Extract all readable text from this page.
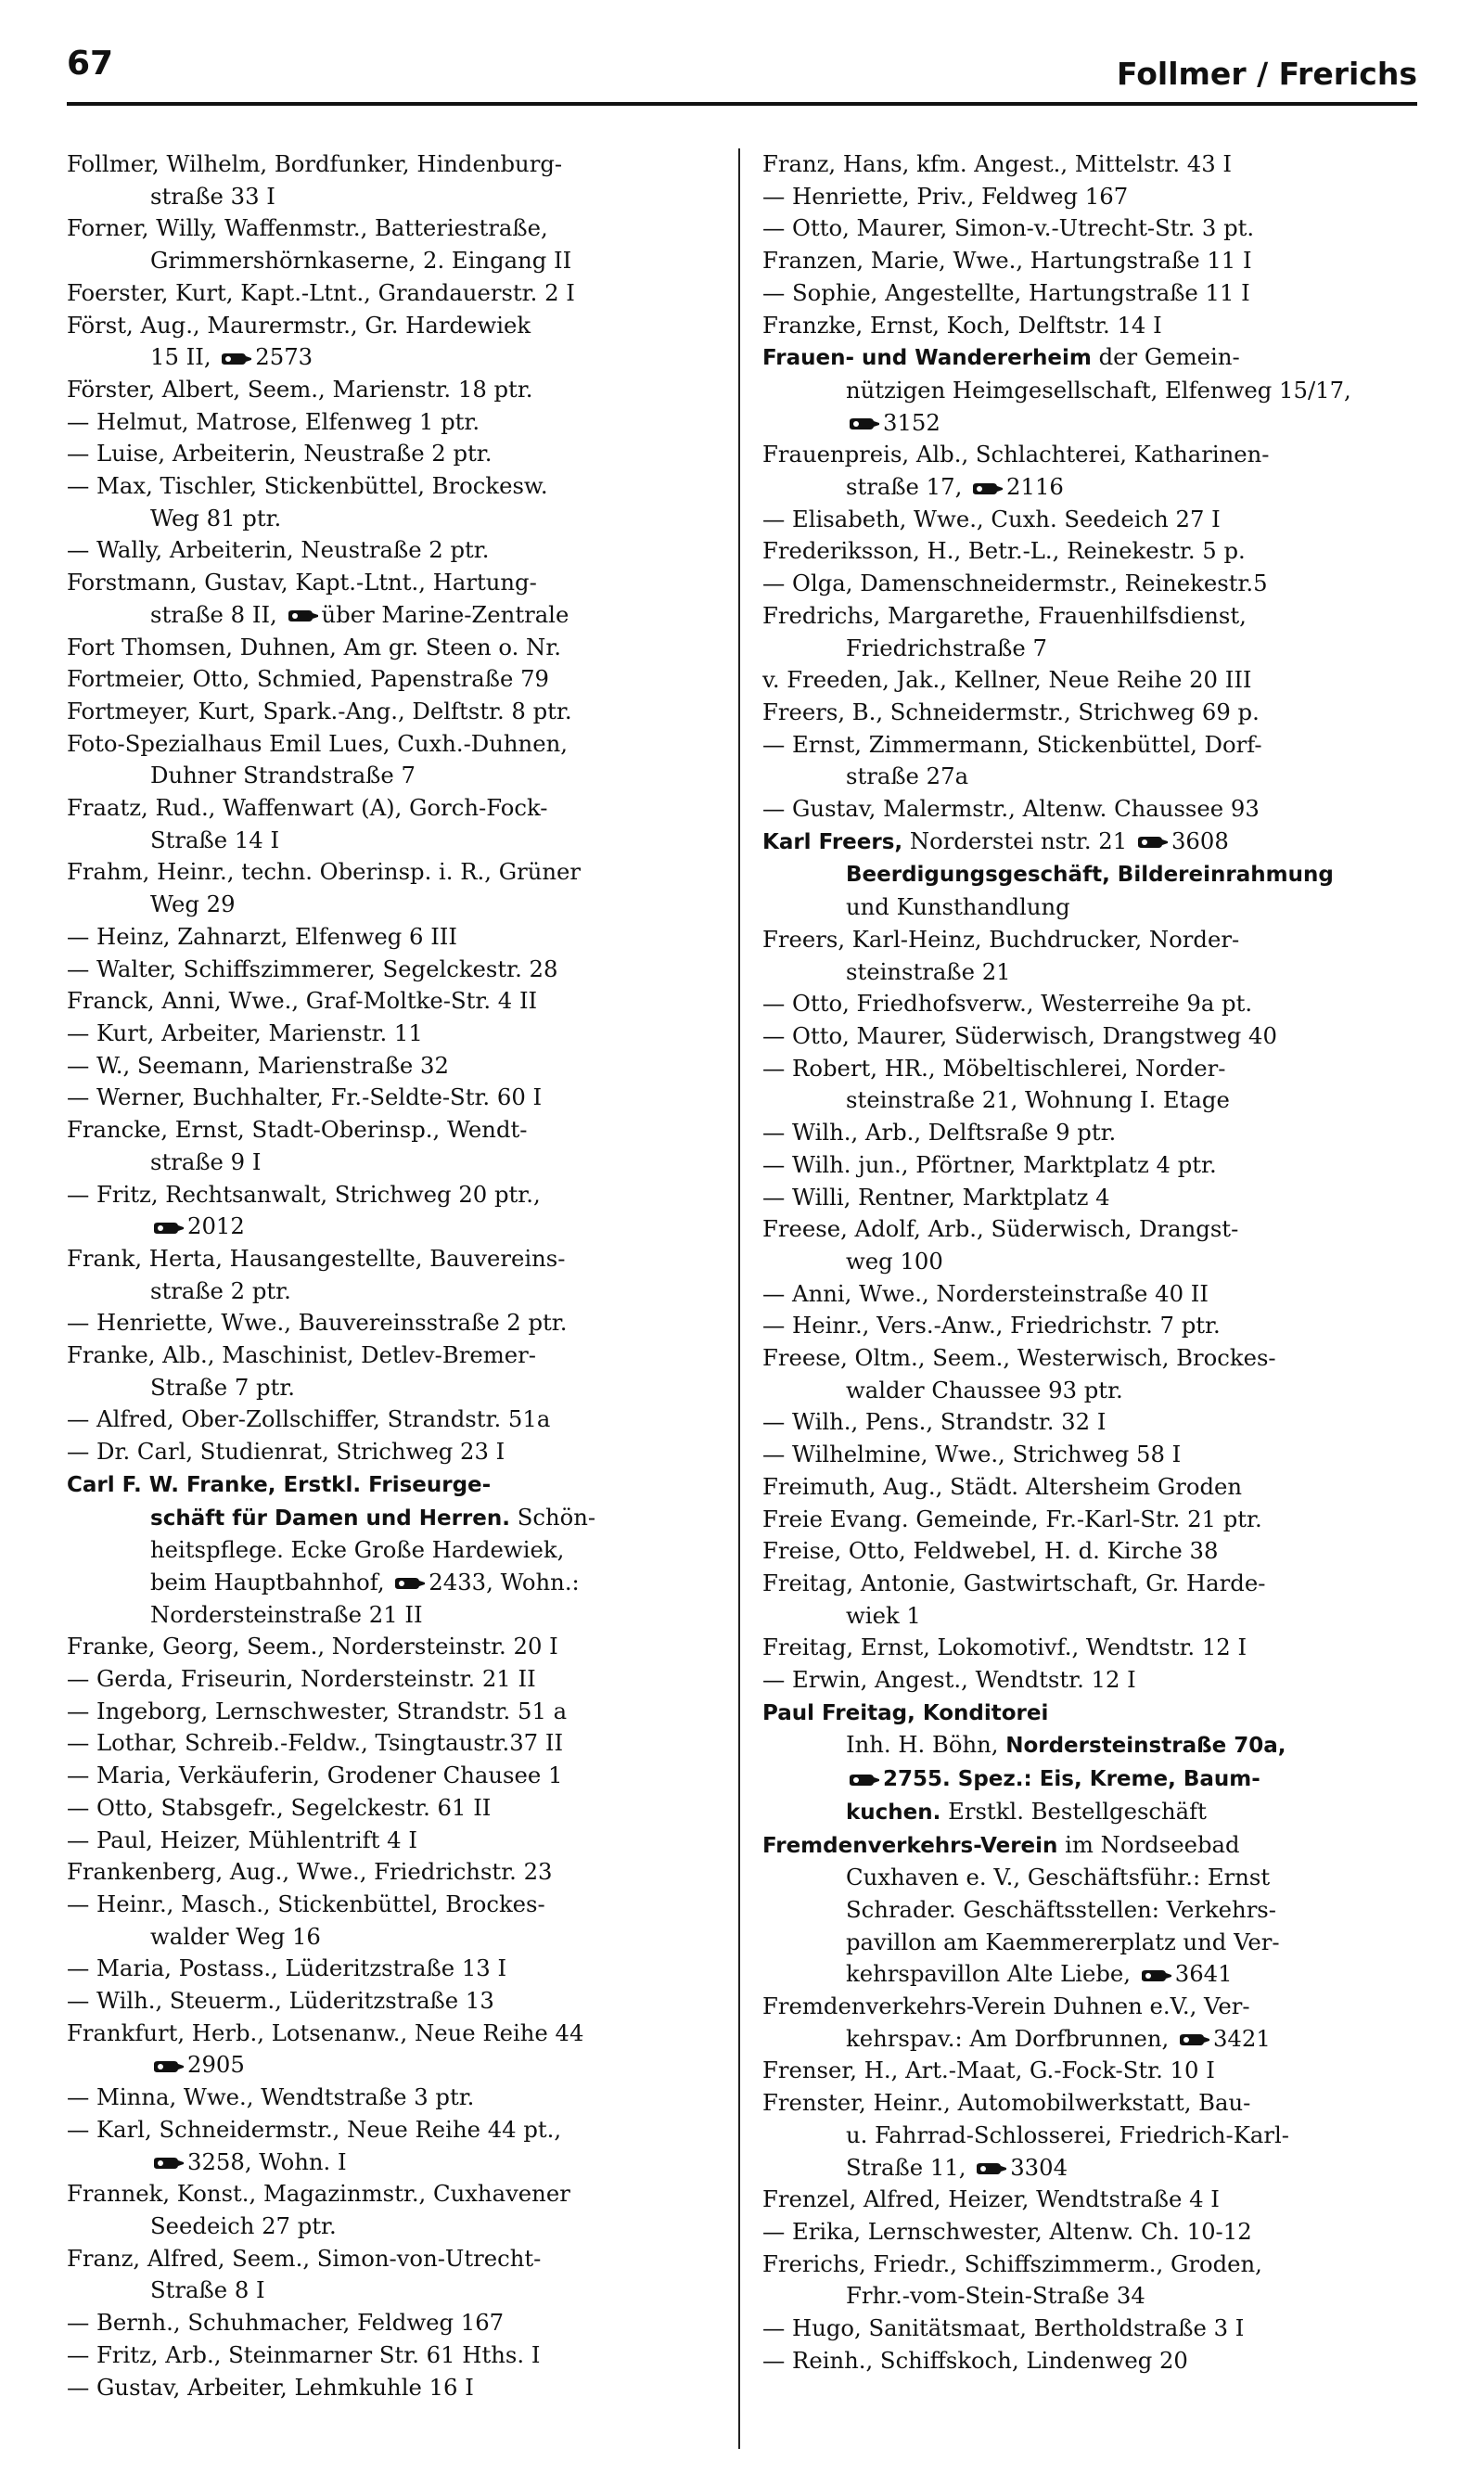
67	Follmer / Frerichs

Follmer, Wilhelm, Bordfunker, Hindenburg-
straße 33 I

Forner, Willy, Waffenmstr., Batteriestraße,
Grimmershörnkaserne, 2. Eingang II

Foerster, Kurt, Kapt.-Ltnt., Grandauerstr. 2 I

Först, Aug., Maurermstr., Gr. Hardewiek
15 II, 2573

Förster, Albert, Seem., Marienstr. 18 ptr.

— Helmut, Matrose, Elfenweg 1 ptr.

— Luise, Arbeiterin, Neustraße 2 ptr.

— Max, Tischler, Stickenbüttel, Brockesw.
Weg 81 ptr.

— Wally, Arbeiterin, Neustraße 2 ptr.

Forstmann, Gustav, Kapt.-Ltnt., Hartung-
straße 8 II, über Marine-Zentrale

Fort Thomsen, Duhnen, Am gr. Steen o. Nr.

Fortmeier, Otto, Schmied, Papenstraße 79

Fortmeyer, Kurt, Spark.-Ang., Delftstr. 8 ptr.

Foto-Spezialhaus Emil Lues, Cuxh.-Duhnen,
Duhner Strandstraße 7

Fraatz, Rud., Waffenwart (A), Gorch-Fock-
Straße 14 I

Frahm, Heinr., techn. Oberinsp. i. R., Grüner
Weg 29

— Heinz, Zahnarzt, Elfenweg 6 III

— Walter, Schiffszimmerer, Segelckestr. 28

Franck, Anni, Wwe., Graf-Moltke-Str. 4 II

— Kurt, Arbeiter, Marienstr. 11

— W., Seemann, Marienstraße 32

— Werner, Buchhalter, Fr.-Seldte-Str. 60 I

Francke, Ernst, Stadt-Oberinsp., Wendt-
straße 9 I

— Fritz, Rechtsanwalt, Strichweg 20 ptr.,
2012

Frank, Herta, Hausangestellte, Bauvereins-
straße 2 ptr.

— Henriette, Wwe., Bauvereinsstraße 2 ptr.

Franke, Alb., Maschinist, Detlev-Bremer-
Straße 7 ptr.

— Alfred, Ober-Zollschiffer, Strandstr. 51a

— Dr. Carl, Studienrat, Strichweg 23 I

Carl F. W. Franke, Erstkl. Friseurge-
schäft für Damen und Herren. Schön-
heitspflege. Ecke Große Hardewiek,
beim Hauptbahnhof, 2433, Wohn.:
Nordersteinstraße 21 II

Franke, Georg, Seem., Nordersteinstr. 20 I

— Gerda, Friseurin, Nordersteinstr. 21 II

— Ingeborg, Lernschwester, Strandstr. 51 a

— Lothar, Schreib.-Feldw., Tsingtaustr.37 II

— Maria, Verkäuferin, Grodener Chausee 1

— Otto, Stabsgefr., Segelckestr. 61 II

— Paul, Heizer, Mühlentrift 4 I

Frankenberg, Aug., Wwe., Friedrichstr. 23

— Heinr., Masch., Stickenbüttel, Brockes-
walder Weg 16

— Maria, Postass., Lüderitzstraße 13 I

— Wilh., Steuerm., Lüderitzstraße 13

Frankfurt, Herb., Lotsenanw., Neue Reihe 44
2905

— Minna, Wwe., Wendtstraße 3 ptr.

— Karl, Schneidermstr., Neue Reihe 44 pt.,
3258, Wohn. I

Frannek, Konst., Magazinmstr., Cuxhavener
Seedeich 27 ptr.

Franz, Alfred, Seem., Simon-von-Utrecht-
Straße 8 I

— Bernh., Schuhmacher, Feldweg 167

— Fritz, Arb., Steinmarner Str. 61 Hths. I

— Gustav, Arbeiter, Lehmkuhle 16 I

Franz, Hans, kfm. Angest., Mittelstr. 43 I

— Henriette, Priv., Feldweg 167

— Otto, Maurer, Simon-v.-Utrecht-Str. 3 pt.

Franzen, Marie, Wwe., Hartungstraße 11 I

— Sophie, Angestellte, Hartungstraße 11 I

Franzke, Ernst, Koch, Delftstr. 14 I

Frauen- und Wandererheim der Gemein-
nützigen Heimgesellschaft, Elfenweg 15/17,
3152

Frauenpreis, Alb., Schlachterei, Katharinen-
straße 17, 2116

— Elisabeth, Wwe., Cuxh. Seedeich 27 I

Frederiksson, H., Betr.-L., Reinekestr. 5 p.

— Olga, Damenschneidermstr., Reinekestr.5

Fredrichs, Margarethe, Frauenhilfsdienst,
Friedrichstraße 7

v. Freeden, Jak., Kellner, Neue Reihe 20 III

Freers, B., Schneidermstr., Strichweg 69 p.

— Ernst, Zimmermann, Stickenbüttel, Dorf-
straße 27a

— Gustav, Malermstr., Altenw. Chaussee 93

Karl Freers, Norderstei nstr. 21 3608
Beerdigungsgeschäft, Bildereinrahmung
und Kunsthandlung

Freers, Karl-Heinz, Buchdrucker, Norder-
steinstraße 21

— Otto, Friedhofsverw., Westerreihe 9a pt.

— Otto, Maurer, Süderwisch, Drangstweg 40

— Robert, HR., Möbeltischlerei, Norder-
steinstraße 21, Wohnung I. Etage

— Wilh., Arb., Delftsraße 9 ptr.

— Wilh. jun., Pförtner, Marktplatz 4 ptr.

— Willi, Rentner, Marktplatz 4

Freese, Adolf, Arb., Süderwisch, Drangst-
weg 100

— Anni, Wwe., Nordersteinstraße 40 II

— Heinr., Vers.-Anw., Friedrichstr. 7 ptr.

Freese, Oltm., Seem., Westerwisch, Brockes-
walder Chaussee 93 ptr.

— Wilh., Pens., Strandstr. 32 I

— Wilhelmine, Wwe., Strichweg 58 I

Freimuth, Aug., Städt. Altersheim Groden

Freie Evang. Gemeinde, Fr.-Karl-Str. 21 ptr.

Freise, Otto, Feldwebel, H. d. Kirche 38

Freitag, Antonie, Gastwirtschaft, Gr. Harde-
wiek 1

Freitag, Ernst, Lokomotivf., Wendtstr. 12 I

— Erwin, Angest., Wendtstr. 12 I

Paul Freitag, Konditorei
Inh. H. Böhn, Nordersteinstraße 70a,
2755. Spez.: Eis, Kreme, Baum-
kuchen. Erstkl. Bestellgeschäft

Fremdenverkehrs-Verein im Nordseebad
Cuxhaven e. V., Geschäftsführ.: Ernst
Schrader. Geschäftsstellen: Verkehrs-
pavillon am Kaemmererplatz und Ver-
kehrspavillon Alte Liebe, 3641

Fremdenverkehrs-Verein Duhnen e.V., Ver-
kehrspav.: Am Dorfbrunnen, 3421

Frenser, H., Art.-Maat, G.-Fock-Str. 10 I

Frenster, Heinr., Automobilwerkstatt, Bau-
u. Fahrrad-Schlosserei, Friedrich-Karl-
Straße 11, 3304

Frenzel, Alfred, Heizer, Wendtstraße 4 I

— Erika, Lernschwester, Altenw. Ch. 10-12

Frerichs, Friedr., Schiffszimmerm., Groden,
Frhr.-vom-Stein-Straße 34

— Hugo, Sanitätsmaat, Bertholdstraße 3 I

— Reinh., Schiffskoch, Lindenweg 20
